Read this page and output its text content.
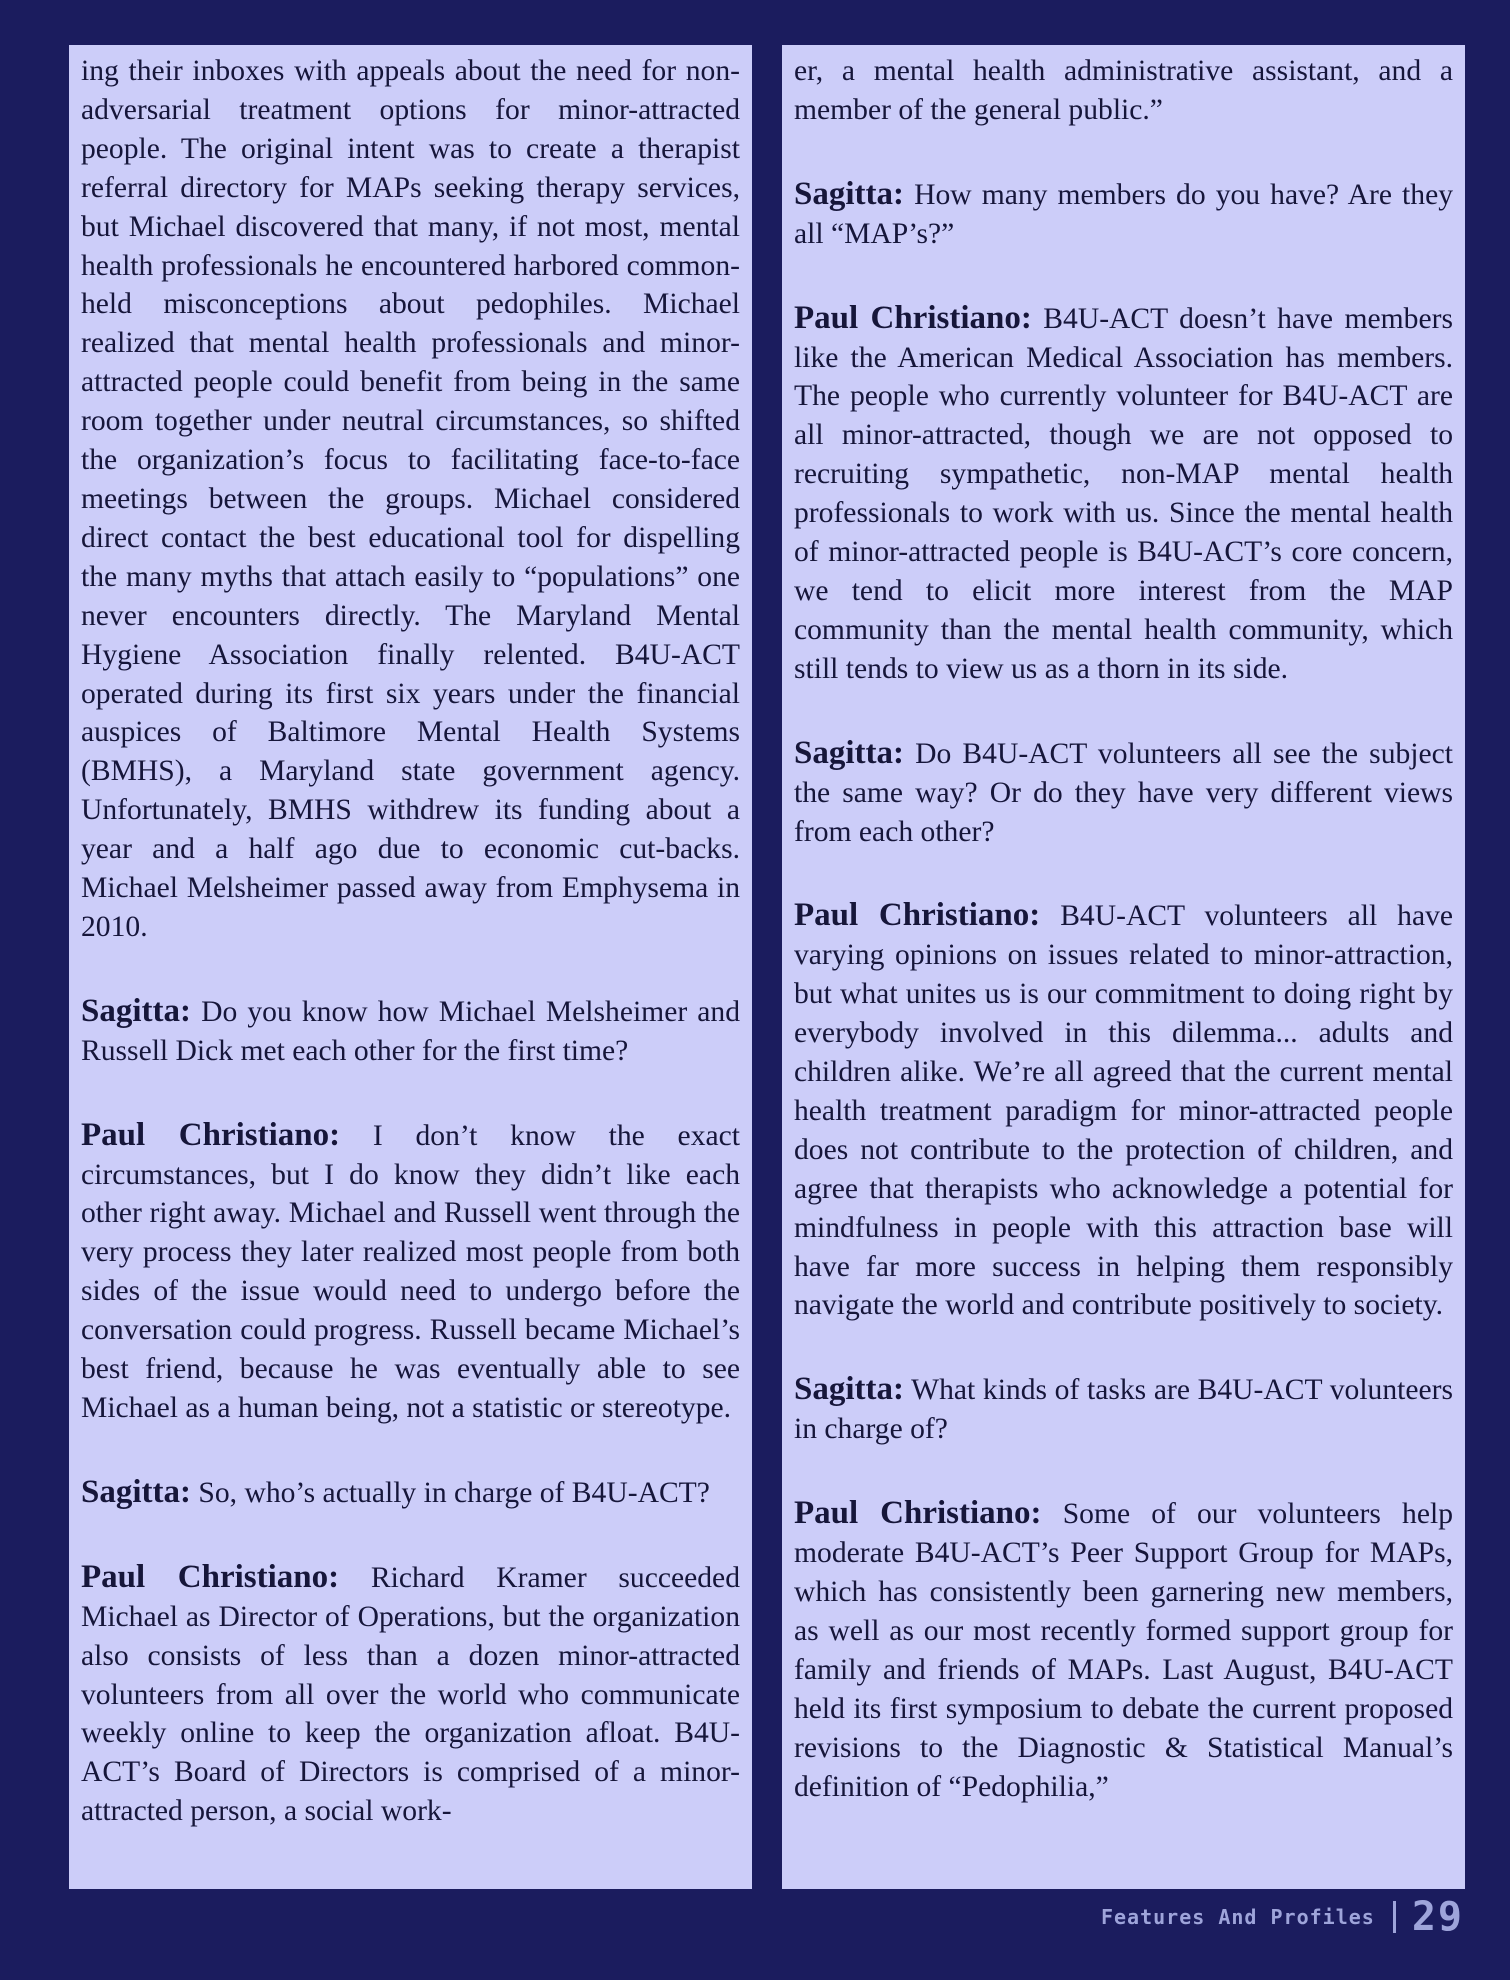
ing their inboxes with appeals about the need for non-adversarial treatment options for minor-attracted people. The original intent was to create a therapist referral directory for MAPs seeking therapy services, but Michael discovered that many, if not most, mental health professionals he encountered harbored common-held misconceptions about pedophiles. Michael realized that mental health professionals and minor-attracted people could benefit from being in the same room together under neutral circumstances, so shifted the organization’s focus to facilitating face-to-face meetings between the groups. Michael considered direct contact the best educational tool for dispelling the many myths that attach easily to “populations” one never encounters directly. The Maryland Mental Hygiene Association finally relented. B4U-ACT operated during its first six years under the financial auspices of Baltimore Mental Health Systems (BMHS), a Maryland state government agency. Unfortunately, BMHS withdrew its funding about a year and a half ago due to economic cut-backs. Michael Melsheimer passed away from Emphysema in 2010.

Sagitta: Do you know how Michael Melsheimer and Russell Dick met each other for the first time?

Paul Christiano: I don’t know the exact circumstances, but I do know they didn’t like each other right away. Michael and Russell went through the very process they later realized most people from both sides of the issue would need to undergo before the conversation could progress. Russell became Michael’s best friend, because he was eventually able to see Michael as a human being, not a statistic or stereotype.

Sagitta: So, who’s actually in charge of B4U-ACT?

Paul Christiano: Richard Kramer succeeded Michael as Director of Operations, but the organization also consists of less than a dozen minor-attracted volunteers from all over the world who communicate weekly online to keep the organization afloat. B4U-ACT’s Board of Directors is comprised of a minor-attracted person, a social work-

er, a mental health administrative assistant, and a member of the general public.”

Sagitta: How many members do you have? Are they all “MAP’s?”

Paul Christiano: B4U-ACT doesn’t have members like the American Medical Association has members. The people who currently volunteer for B4U-ACT are all minor-attracted, though we are not opposed to recruiting sympathetic, non-MAP mental health professionals to work with us. Since the mental health of minor-attracted people is B4U-ACT’s core concern, we tend to elicit more interest from the MAP community than the mental health community, which still tends to view us as a thorn in its side.

Sagitta: Do B4U-ACT volunteers all see the subject the same way? Or do they have very different views from each other?

Paul Christiano: B4U-ACT volunteers all have varying opinions on issues related to minor-attraction, but what unites us is our commitment to doing right by everybody involved in this dilemma... adults and children alike. We’re all agreed that the current mental health treatment paradigm for minor-attracted people does not contribute to the protection of children, and agree that therapists who acknowledge a potential for mindfulness in people with this attraction base will have far more success in helping them responsibly navigate the world and contribute positively to society.

Sagitta: What kinds of tasks are B4U-ACT volunteers in charge of?

Paul Christiano: Some of our volunteers help moderate B4U-ACT’s Peer Support Group for MAPs, which has consistently been garnering new members, as well as our most recently formed support group for family and friends of MAPs. Last August, B4U-ACT held its first symposium to debate the current proposed revisions to the Diagnostic & Statistical Manual’s definition of “Pedophilia,”

Features And Profiles 29
